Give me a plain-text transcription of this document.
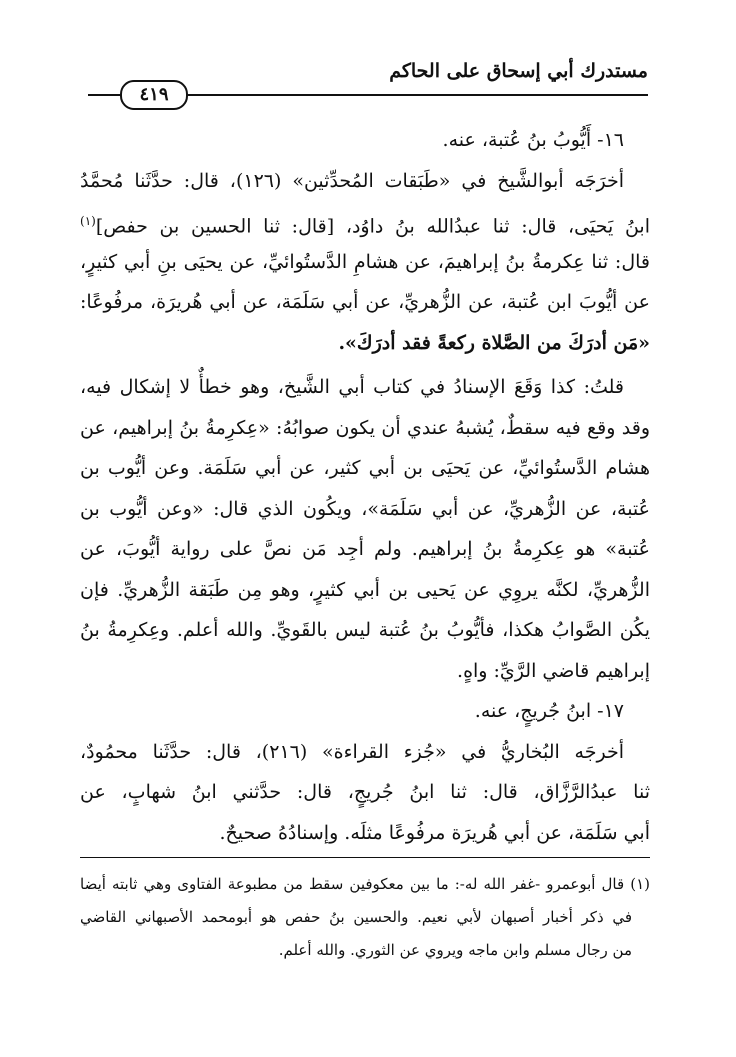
مستدرك أبي إسحاق على الحاكم
٤١٩
١٦- أَيُّوبُ بنُ عُتبة، عنه.
أخرَجَه أبوالشَّيخ في «طَبَقات المُحدِّثين» (١٢٦)، قال: حدَّثَنا مُحمَّدُ
ابنُ يَحيَى، قال: ثنا عبدُالله بنُ داوُد، [قال: ثنا الحسين بن حفص]$^{(١)}$
قال: ثنا عِكرمةُ بنُ إبراهيمَ، عن هشامِ الدَّستُوائيِّ، عن يحيَى بنِ أبي كثيرٍ،
عن أيُّوبَ ابن عُتبة، عن الزُّهريِّ، عن أبي سَلَمَة، عن أبي هُريرَة، مرفُوعًا:
«مَن أدرَكَ من الصَّلاة ركعةً فقد أدرَكَ».
قلتُ: كذا وَقَعَ الإسنادُ في كتاب أبي الشَّيخ، وهو خطأٌ لا إشكال فيه،
وقد وقع فيه سقطٌ، يُشبهُ عندي أن يكون صوابُهُ: «عِكرِمةُ بنُ إبراهيم، عن
هشام الدَّستُوائيِّ، عن يَحيَى بن أبي كثير، عن أبي سَلَمَة. وعن أيُّوب بن
عُتبة، عن الزُّهريِّ، عن أبي سَلَمَة»، ويكُون الذي قال: «وعن أيُّوب بن
عُتبة» هو عِكرِمةُ بنُ إبراهيم. ولم أجِد مَن نصَّ على رواية أيُّوبَ، عن
الزُّهريِّ، لكنَّه يروِي عن يَحيى بن أبي كثيرٍ، وهو مِن طَبَقة الزُّهريِّ. فإن
يكُن الصَّوابُ هكذا، فأيُّوبُ بنُ عُتبة ليس بالقَويِّ. والله أعلم. وعِكرِمةُ بنُ
إبراهيم قاضي الرَّيِّ: واهٍ.
١٧- ابنُ جُريجٍ، عنه.
أخرجَه البُخاريُّ في «جُزء القراءة» (٢١٦)، قال: حدَّثَنا محمُودٌ،
ثنا عبدُالرَّزَّاق، قال: ثنا ابنُ جُريجٍ، قال: حدَّثني ابنُ شهابٍ، عن
أبي سَلَمَة، عن أبي هُريرَة مرفُوعًا مثلَه. وإسنادُهُ صحيحٌ.
(١) قال أبوعمرو -غفر الله له-: ما بين معكوفين سقط من مطبوعة الفتاوى وهي ثابته أيضا
في ذكر أخبار أصبهان لأبي نعيم. والحسين بنُ حفص هو أبومحمد الأصبهاني القاضي
من رجال مسلم وابن ماجه ويروي عن الثوري. والله أعلم.
